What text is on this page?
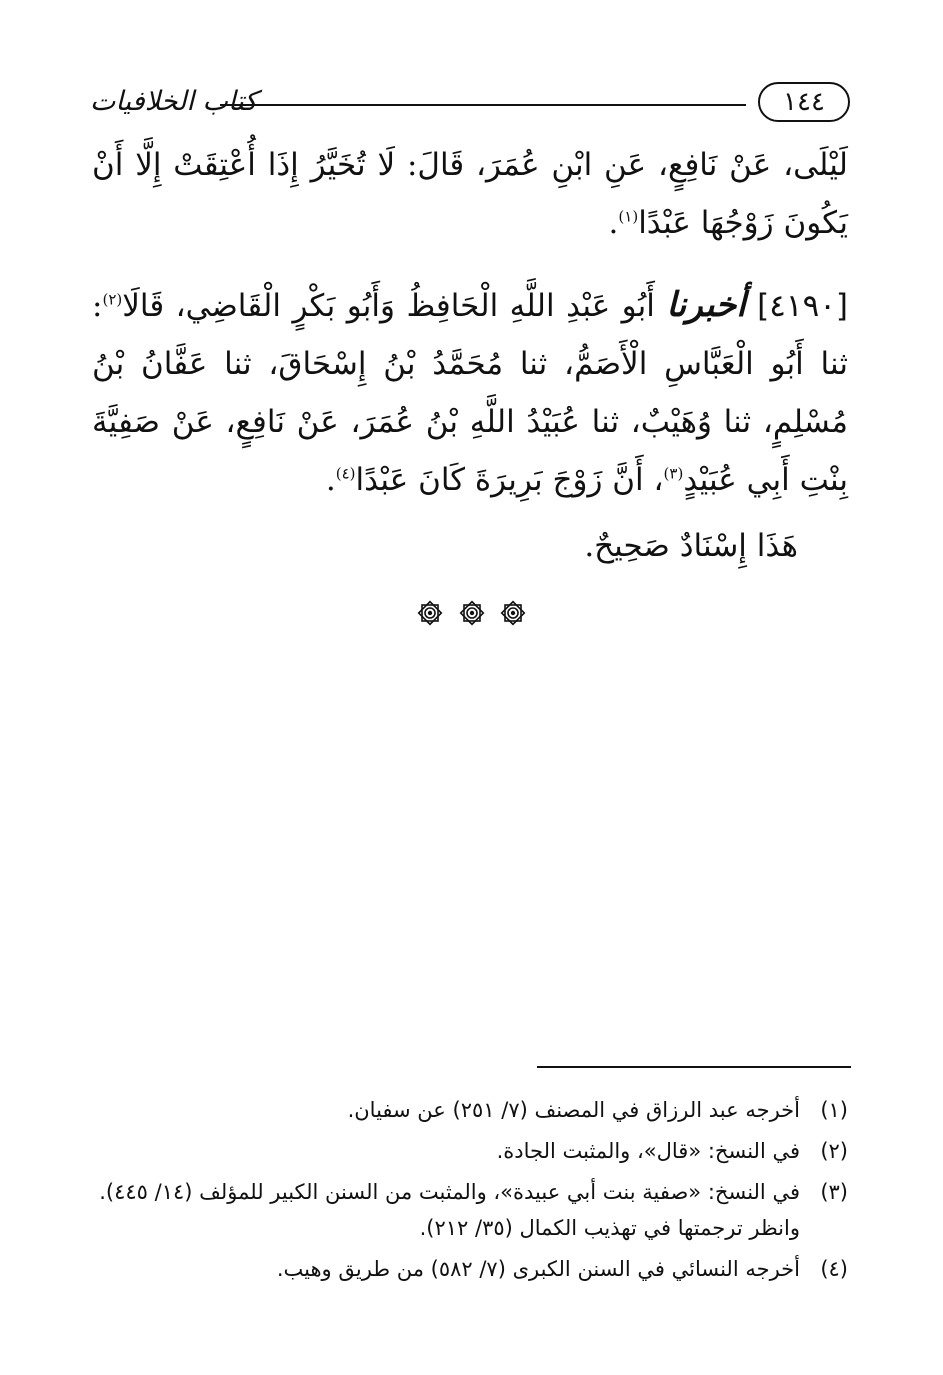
١٤٤
كتاب الخلافيات

لَيْلَى، عَنْ نَافِعٍ، عَنِ ابْنِ عُمَرَ، قَالَ: لَا تُخَيَّرُ إِذَا أُعْتِقَتْ إِلَّا أَنْ يَكُونَ زَوْجُهَا عَبْدًا$^{(١)}$.

[٤١٩٠] أخبرنا أَبُو عَبْدِ اللَّهِ الْحَافِظُ وَأَبُو بَكْرٍ الْقَاضِي، قَالَا$^{(٢)}$: ثنا أَبُو الْعَبَّاسِ الْأَصَمُّ، ثنا مُحَمَّدُ بْنُ إِسْحَاقَ، ثنا عَفَّانُ بْنُ مُسْلِمٍ، ثنا وُهَيْبٌ، ثنا عُبَيْدُ اللَّهِ بْنُ عُمَرَ، عَنْ نَافِعٍ، عَنْ صَفِيَّةَ بِنْتِ أَبِي عُبَيْدٍ$^{(٣)}$، أَنَّ زَوْجَ بَرِيرَةَ كَانَ عَبْدًا$^{(٤)}$.

هَذَا إِسْنَادٌ صَحِيحٌ.

(١)
أخرجه عبد الرزاق في المصنف (٧/ ٢٥١) عن سفيان.
(٢)
في النسخ: «قال»، والمثبت الجادة.
(٣)
في النسخ: «صفية بنت أبي عبيدة»، والمثبت من السنن الكبير للمؤلف (١٤/ ٤٤٥). وانظر ترجمتها في تهذيب الكمال (٣٥/ ٢١٢).
(٤)
أخرجه النسائي في السنن الكبرى (٧/ ٥٨٢) من طريق وهيب.
